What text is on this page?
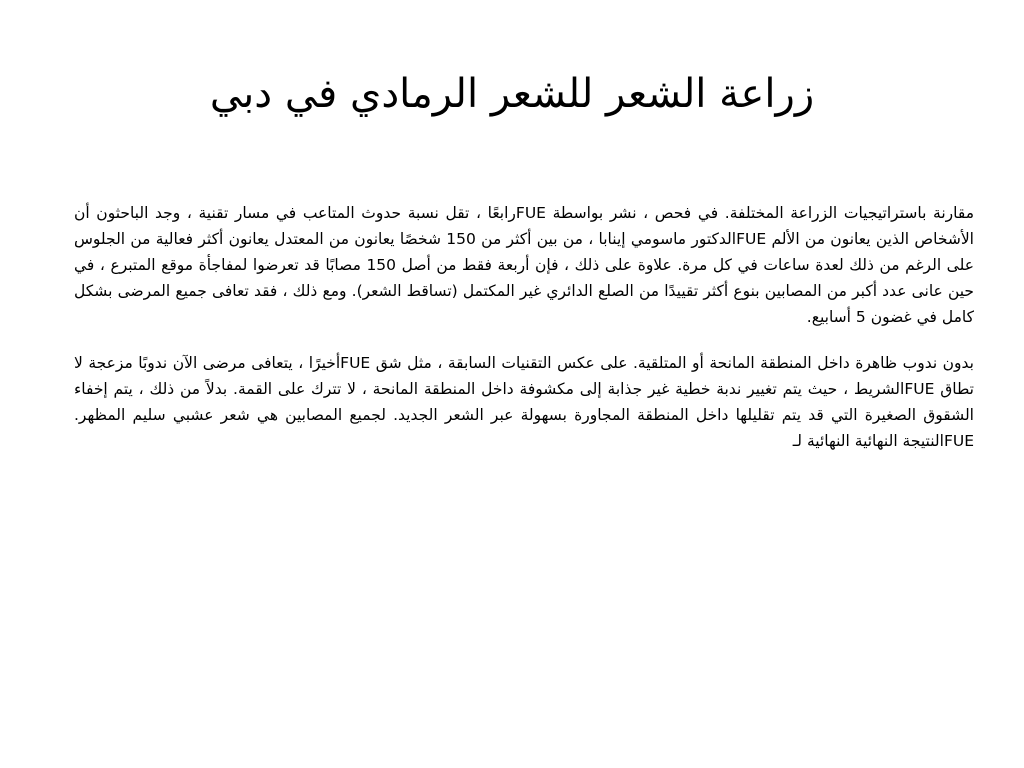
زراعة الشعر للشعر الرمادي في دبي

مقارنة باستراتيجيات الزراعة المختلفة. في فحص ، نشر بواسطة FUEرابعًا ، تقل نسبة حدوث المتاعب في مسار تقنية ، وجد الباحثون أن الأشخاص الذين يعانون من الألم FUEالدكتور ماسومي إينابا ، من بين أكثر من 150 شخصًا يعانون من المعتدل يعانون أكثر فعالية من الجلوس على الرغم من ذلك لعدة ساعات في كل مرة. علاوة على ذلك ، فإن أربعة فقط من أصل 150 مصابًا قد تعرضوا لمفاجأة موقع المتبرع ، في حين عانى عدد أكبر من المصابين بنوع أكثر تقييدًا من الصلع الدائري غير المكتمل (تساقط الشعر). ومع ذلك ، فقد تعافى جميع المرضى بشكل كامل في غضون 5 أسابيع.

بدون ندوب ظاهرة داخل المنطقة المانحة أو المتلقية. على عكس التقنيات السابقة ، مثل شق FUEأخيرًا ، يتعافى مرضى الآن ندوبًا مزعجة لا تطاق FUEالشريط ، حيث يتم تغيير ندبة خطية غير جذابة إلى مكشوفة داخل المنطقة المانحة ، لا تترك على القمة. بدلاً من ذلك ، يتم إخفاء الشقوق الصغيرة التي قد يتم تقليلها داخل المنطقة المجاورة بسهولة عبر الشعر الجديد. لجميع المصابين هي شعر عشبي سليم المظهر. FUEالنتيجة النهائية النهائية لـ
